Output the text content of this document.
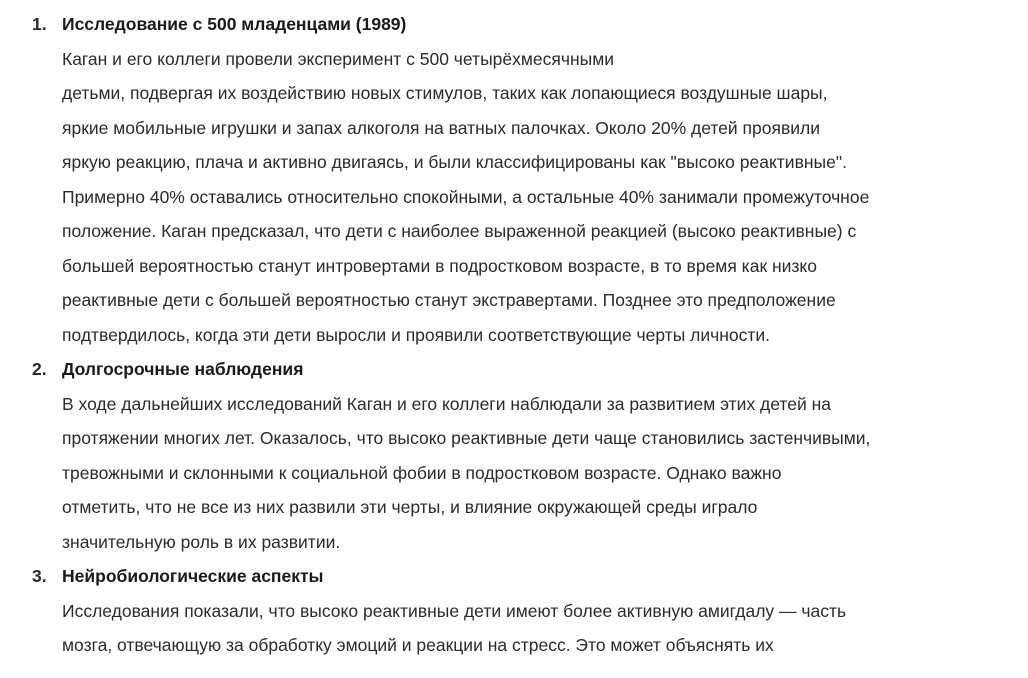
1. Исследование с 500 младенцами (1989)

Каган и его коллеги провели эксперимент с 500 четырёхмесячными
детьми, подвергая их воздействию новых стимулов, таких как лопающиеся воздушные шары,
яркие мобильные игрушки и запах алкоголя на ватных палочках. Около 20% детей проявили
яркую реакцию, плача и активно двигаясь, и были классифицированы как "высоко реактивные".
Примерно 40% оставались относительно спокойными, а остальные 40% занимали промежуточное
положение. Каган предсказал, что дети с наиболее выраженной реакцией (высоко реактивные) с
большей вероятностью станут интровертами в подростковом возрасте, в то время как низко
реактивные дети с большей вероятностью станут экстравертами. Позднее это предположение
подтвердилось, когда эти дети выросли и проявили соответствующие черты личности.

2. Долгосрочные наблюдения

В ходе дальнейших исследований Каган и его коллеги наблюдали за развитием этих детей на
протяжении многих лет. Оказалось, что высоко реактивные дети чаще становились застенчивыми,
тревожными и склонными к социальной фобии в подростковом возрасте. Однако важно
отметить, что не все из них развили эти черты, и влияние окружающей среды играло
значительную роль в их развитии.

3. Нейробиологические аспекты

Исследования показали, что высоко реактивные дети имеют более активную амигдалу — часть
мозга, отвечающую за обработку эмоций и реакции на стресс. Это может объяснять их
